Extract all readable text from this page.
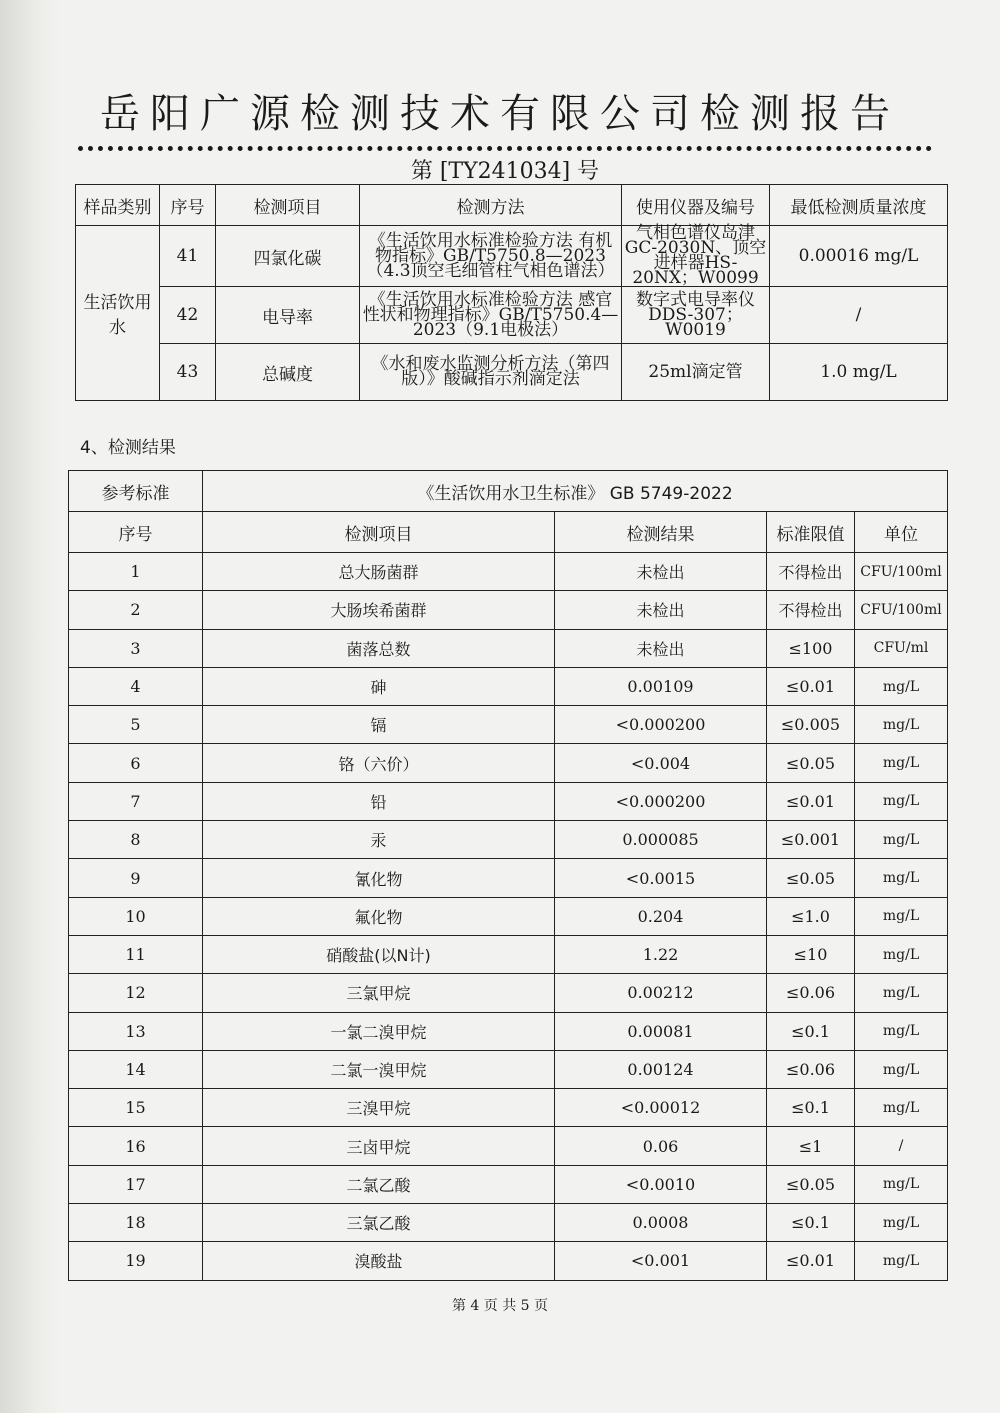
岳阳广源检测技术有限公司检测报告
第 [TY241034] 号
样品类别	序号	检测项目	检测方法	使用仪器及编号	最低检测质量浓度
生活饮用水	41	四氯化碳	《生活饮用水标准检验方法 有机物指标》GB/T5750.8—2023（4.3顶空毛细管柱气相色谱法）	气相色谱仪岛津GC-2030N、顶空进样器HS-20NX；W0099	0.00016 mg/L
	42	电导率	《生活饮用水标准检验方法 感官性状和物理指标》GB/T5750.4—2023（9.1电极法）	数字式电导率仪DDS-307；W0019	/
	43	总碱度	《水和废水监测分析方法（第四版）》酸碱指示剂滴定法	25ml滴定管	1.0 mg/L
4、检测结果
参考标准	《生活饮用水卫生标准》 GB 5749-2022			
序号	检测项目	检测结果	标准限值	单位
1	总大肠菌群	未检出	不得检出	CFU/100ml
2	大肠埃希菌群	未检出	不得检出	CFU/100ml
3	菌落总数	未检出	≤100	CFU/ml
4	砷	0.00109	≤0.01	mg/L
5	镉	<0.000200	≤0.005	mg/L
6	铬（六价）	<0.004	≤0.05	mg/L
7	铅	<0.000200	≤0.01	mg/L
8	汞	0.000085	≤0.001	mg/L
9	氰化物	<0.0015	≤0.05	mg/L
10	氟化物	0.204	≤1.0	mg/L
11	硝酸盐(以N计)	1.22	≤10	mg/L
12	三氯甲烷	0.00212	≤0.06	mg/L
13	一氯二溴甲烷	0.00081	≤0.1	mg/L
14	二氯一溴甲烷	0.00124	≤0.06	mg/L
15	三溴甲烷	<0.00012	≤0.1	mg/L
16	三卤甲烷	0.06	≤1	/
17	二氯乙酸	<0.0010	≤0.05	mg/L
18	三氯乙酸	0.0008	≤0.1	mg/L
19	溴酸盐	<0.001	≤0.01	mg/L
第 4 页 共 5 页
